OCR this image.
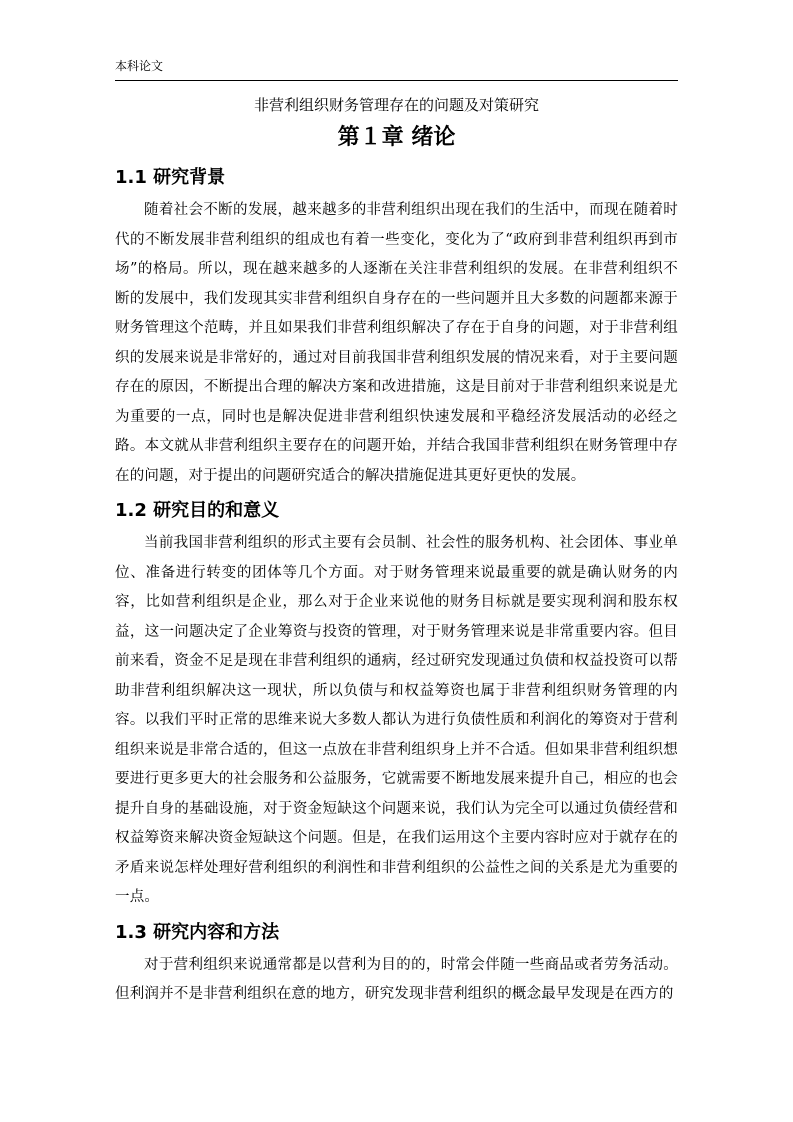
本科论文
非营利组织财务管理存在的问题及对策研究
第１章 绪论
1.1 研究背景

随着社会不断的发展，越来越多的非营利组织出现在我们的生活中，而现在随着时代的不断发展非营利组织的组成也有着一些变化，变化为了“政府到非营利组织再到市场”的格局。所以，现在越来越多的人逐渐在关注非营利组织的发展。在非营利组织不断的发展中，我们发现其实非营利组织自身存在的一些问题并且大多数的问题都来源于财务管理这个范畴，并且如果我们非营利组织解决了存在于自身的问题，对于非营利组织的发展来说是非常好的，通过对目前我国非营利组织发展的情况来看，对于主要问题存在的原因，不断提出合理的解决方案和改进措施，这是目前对于非营利组织来说是尤为重要的一点，同时也是解决促进非营利组织快速发展和平稳经济发展活动的必经之路。本文就从非营利组织主要存在的问题开始，并结合我国非营利组织在财务管理中存在的问题，对于提出的问题研究适合的解决措施促进其更好更快的发展。

1.2 研究目的和意义

当前我国非营利组织的形式主要有会员制、社会性的服务机构、社会团体、事业单位、准备进行转变的团体等几个方面。对于财务管理来说最重要的就是确认财务的内容，比如营利组织是企业，那么对于企业来说他的财务目标就是要实现利润和股东权益，这一问题决定了企业筹资与投资的管理，对于财务管理来说是非常重要内容。但目前来看，资金不足是现在非营利组织的通病，经过研究发现通过负债和权益投资可以帮助非营利组织解决这一现状，所以负债与和权益筹资也属于非营利组织财务管理的内容。以我们平时正常的思维来说大多数人都认为进行负债性质和利润化的筹资对于营利组织来说是非常合适的，但这一点放在非营利组织身上并不合适。但如果非营利组织想要进行更多更大的社会服务和公益服务，它就需要不断地发展来提升自己，相应的也会提升自身的基础设施，对于资金短缺这个问题来说，我们认为完全可以通过负债经营和权益筹资来解决资金短缺这个问题。但是，在我们运用这个主要内容时应对于就存在的矛盾来说怎样处理好营利组织的利润性和非营利组织的公益性之间的关系是尤为重要的一点。

1.3 研究内容和方法

对于营利组织来说通常都是以营利为目的的，时常会伴随一些商品或者劳务活动。但利润并不是非营利组织在意的地方，研究发现非营利组织的概念最早发现是在西方的
